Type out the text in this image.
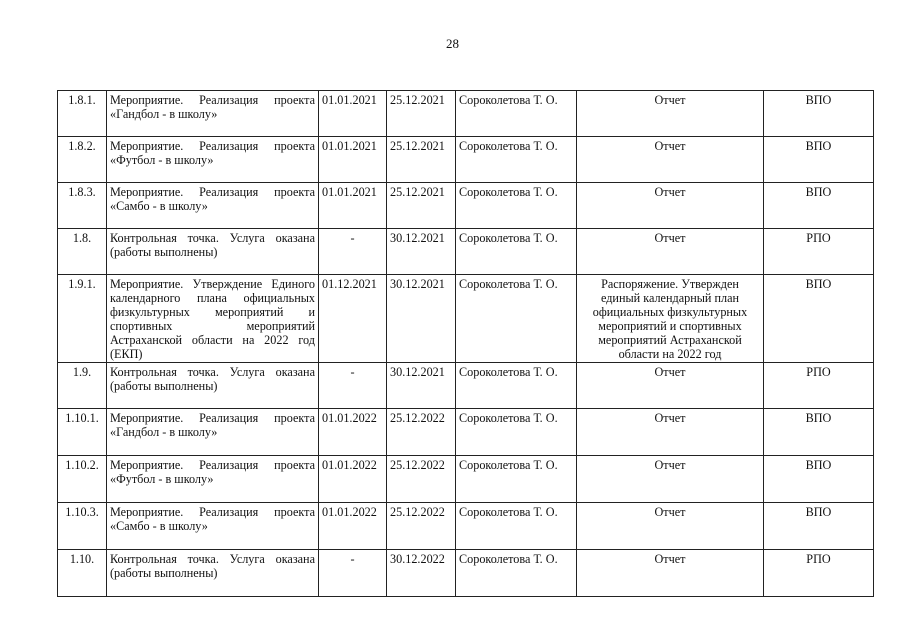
28
1.8.1.	Мероприятие. Реализация проекта «Гандбол - в школу»	01.01.2021	25.12.2021	Сороколетова Т. О.	Отчет	ВПО
1.8.2.	Мероприятие. Реализация проекта «Футбол - в школу»	01.01.2021	25.12.2021	Сороколетова Т. О.	Отчет	ВПО
1.8.3.	Мероприятие. Реализация проекта «Самбо - в школу»	01.01.2021	25.12.2021	Сороколетова Т. О.	Отчет	ВПО
1.8.	Контрольная точка. Услуга оказана (работы выполнены)	-	30.12.2021	Сороколетова Т. О.	Отчет	РПО
1.9.1.	Мероприятие. Утверждение Единого календарного плана официальных физкультурных мероприятий и спортивных мероприятий Астраханской области на 2022 год (ЕКП)	01.12.2021	30.12.2021	Сороколетова Т. О.	Распоряжение. Утвержден единый календарный план официальных физкультурных мероприятий и спортивных мероприятий Астраханской области на 2022 год	ВПО
1.9.	Контрольная точка. Услуга оказана (работы выполнены)	-	30.12.2021	Сороколетова Т. О.	Отчет	РПО
1.10.1.	Мероприятие. Реализация проекта «Гандбол - в школу»	01.01.2022	25.12.2022	Сороколетова Т. О.	Отчет	ВПО
1.10.2.	Мероприятие. Реализация проекта «Футбол - в школу»	01.01.2022	25.12.2022	Сороколетова Т. О.	Отчет	ВПО
1.10.3.	Мероприятие. Реализация проекта «Самбо - в школу»	01.01.2022	25.12.2022	Сороколетова Т. О.	Отчет	ВПО
1.10.	Контрольная точка. Услуга оказана (работы выполнены)	-	30.12.2022	Сороколетова Т. О.	Отчет	РПО
